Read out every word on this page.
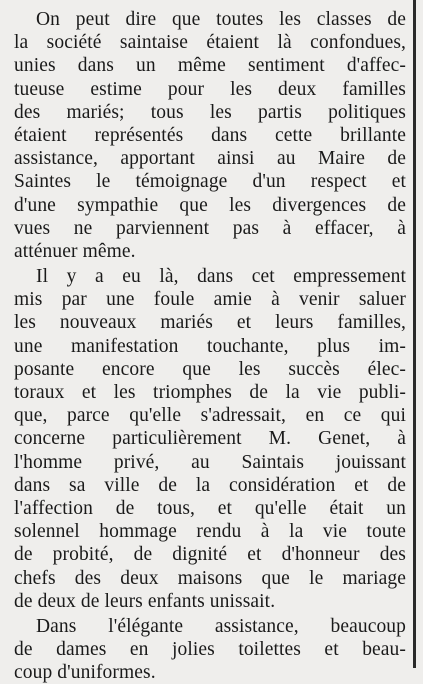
On peut dire que toutes les classes de
la société saintaise étaient là confondues,
unies dans un même sentiment d'affec-
tueuse estime pour les deux familles
des mariés; tous les partis politiques
étaient représentés dans cette brillante
assistance, apportant ainsi au Maire de
Saintes le témoignage d'un respect et
d'une sympathie que les divergences de
vues ne parviennent pas à effacer, à
atténuer même.

Il y a eu là, dans cet empressement
mis par une foule amie à venir saluer
les nouveaux mariés et leurs familles,
une manifestation touchante, plus im-
posante encore que les succès élec-
toraux et les triomphes de la vie publi-
que, parce qu'elle s'adressait, en ce qui
concerne particulièrement M. Genet, à
l'homme privé, au Saintais jouissant
dans sa ville de la considération et de
l'affection de tous, et qu'elle était un
solennel hommage rendu à la vie toute
de probité, de dignité et d'honneur des
chefs des deux maisons que le mariage
de deux de leurs enfants unissait.

Dans l'élégante assistance, beaucoup
de dames en jolies toilettes et beau-
coup d'uniformes.
